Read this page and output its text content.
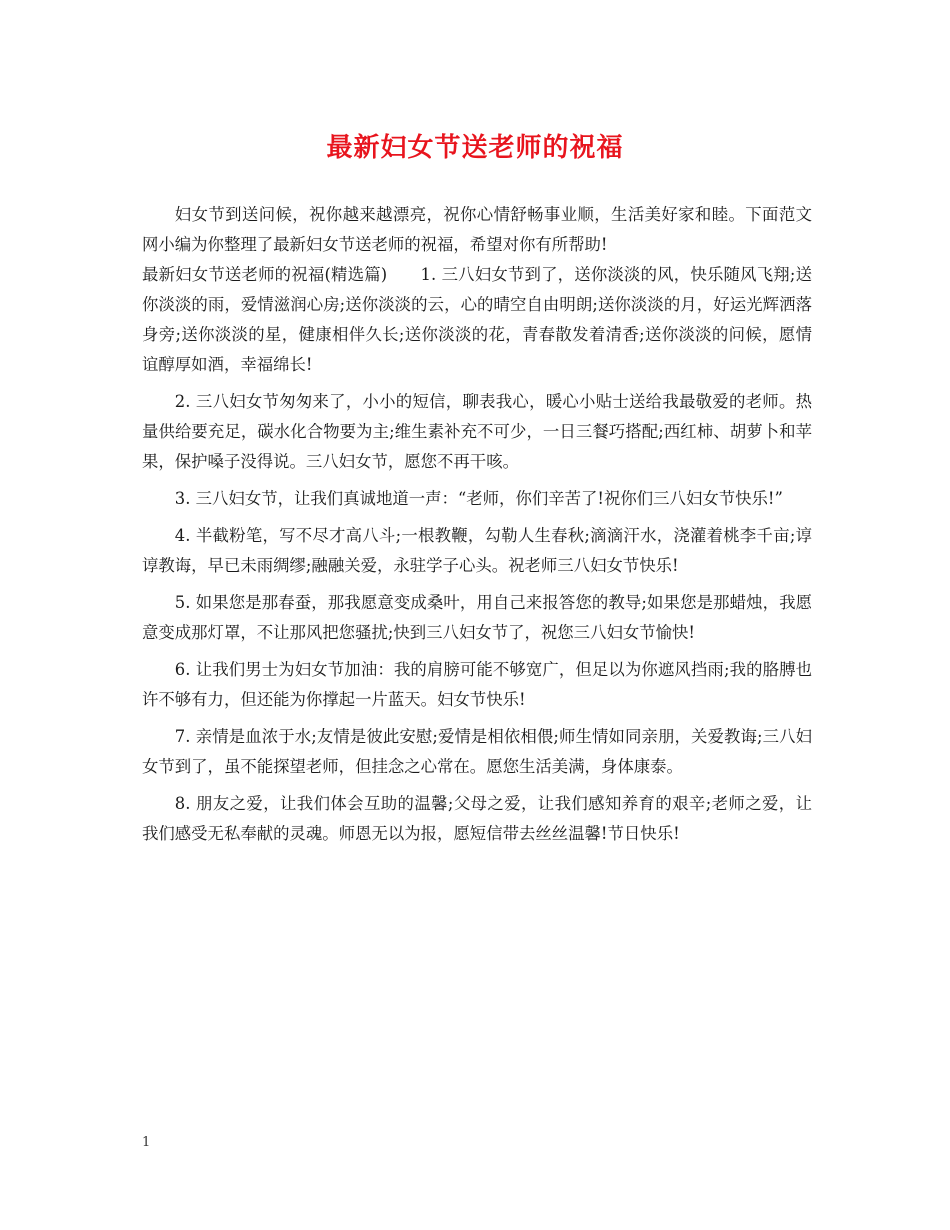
最新妇女节送老师的祝福

妇女节到送问候，祝你越来越漂亮，祝你心情舒畅事业顺，生活美好家和睦。下面范文网小编为你整理了最新妇女节送老师的祝福，希望对你有所帮助!

最新妇女节送老师的祝福(精选篇)　　1. 三八妇女节到了，送你淡淡的风，快乐随风飞翔;送你淡淡的雨，爱情滋润心房;送你淡淡的云，心的晴空自由明朗;送你淡淡的月，好运光辉洒落身旁;送你淡淡的星，健康相伴久长;送你淡淡的花，青春散发着清香;送你淡淡的问候，愿情谊醇厚如酒，幸福绵长!

2. 三八妇女节匆匆来了，小小的短信，聊表我心，暖心小贴士送给我最敬爱的老师。热量供给要充足，碳水化合物要为主;维生素补充不可少，一日三餐巧搭配;西红柿、胡萝卜和苹果，保护嗓子没得说。三八妇女节，愿您不再干咳。

3. 三八妇女节，让我们真诚地道一声：“老师，你们辛苦了!祝你们三八妇女节快乐!”

4. 半截粉笔，写不尽才高八斗;一根教鞭，勾勒人生春秋;滴滴汗水，浇灌着桃李千亩;谆谆教诲，早已未雨绸缪;融融关爱，永驻学子心头。祝老师三八妇女节快乐!

5. 如果您是那春蚕，那我愿意变成桑叶，用自己来报答您的教导;如果您是那蜡烛，我愿意变成那灯罩，不让那风把您骚扰;快到三八妇女节了，祝您三八妇女节愉快!

6. 让我们男士为妇女节加油：我的肩膀可能不够宽广，但足以为你遮风挡雨;我的胳膊也许不够有力，但还能为你撑起一片蓝天。妇女节快乐!

7. 亲情是血浓于水;友情是彼此安慰;爱情是相依相偎;师生情如同亲朋，关爱教诲;三八妇女节到了，虽不能探望老师，但挂念之心常在。愿您生活美满，身体康泰。

8. 朋友之爱，让我们体会互助的温馨;父母之爱，让我们感知养育的艰辛;老师之爱，让我们感受无私奉献的灵魂。师恩无以为报，愿短信带去丝丝温馨!节日快乐!

1
